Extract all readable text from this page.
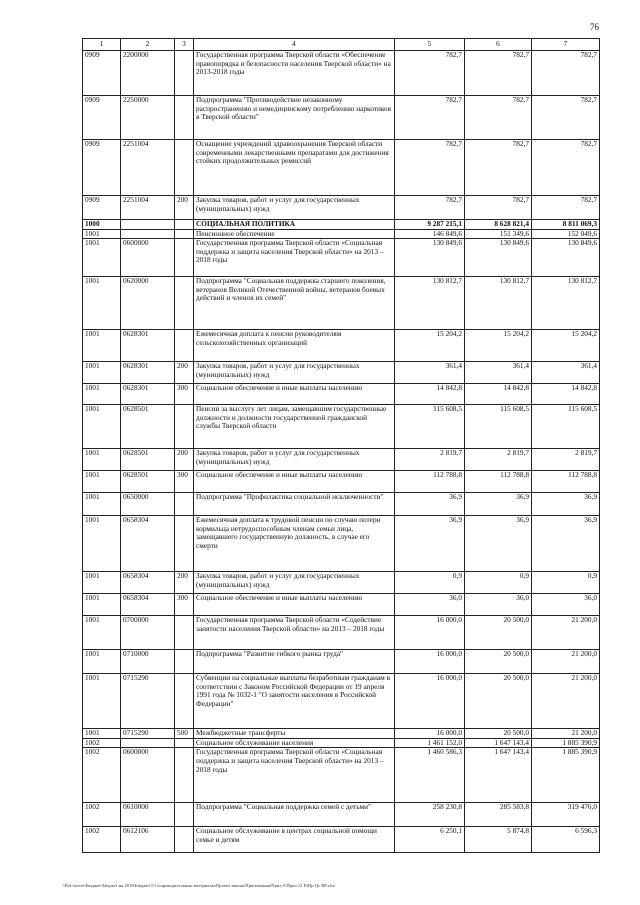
76
1	2	3	4	5	6	7
0909	2200000		Государственная программа Тверской области «Обеспечение правопорядка и безопасности населения Тверской области» на 2013-2018 годы	782,7	782,7	782,7
0909	2250000		Подпрограмма "Противодействие незаконному распространению и немедицинскому потреблению наркотиков в Тверской области"	782,7	782,7	782,7
0909	2251004		Оснащение учреждений здравоохранения Тверской области современными лекарственными препаратами для достижения стойких продолжительных ремиссий	782,7	782,7	782,7
0909	2251004	200	Закупка товаров, работ и услуг для государственных (муниципальных) нужд	782,7	782,7	782,7
1000			СОЦИАЛЬНАЯ ПОЛИТИКА	9 287 215,1	8 628 821,4	8 811 069,3
1001			Пенсионное обеспечение	146 849,6	151 349,6	152 049,6
1001	0600000		Государственная программа Тверской области «Социальная поддержка и защита населения Тверской области» на 2013 – 2018 годы	130 849,6	130 849,6	130 849,6
1001	0620000		Подпрограмма "Социальная поддержка старшего поколения, ветеранов Великой Отечественной войны, ветеранов боевых действий и членов их семей"	130 812,7	130 812,7	130 812,7
1001	0628301		Ежемесячная доплата к пенсии руководителям сельскохозяйственных организаций	15 204,2	15 204,2	15 204,2
1001	0628301	200	Закупка товаров, работ и услуг для государственных (муниципальных) нужд	361,4	361,4	361,4
1001	0628301	300	Социальное обеспечение и иные выплаты населению	14 842,8	14 842,8	14 842,8
1001	0628501		Пенсии за выслугу лет лицам, замещавшим государственные должности и должности государственной гражданской службы Тверской области	115 608,5	115 608,5	115 608,5
1001	0628501	200	Закупка товаров, работ и услуг для государственных (муниципальных) нужд	2 819,7	2 819,7	2 819,7
1001	0628501	300	Социальное обеспечение и иные выплаты населению	112 788,8	112 788,8	112 788,8
1001	0650000		Подпрограмма "Профилактика социальной исключенности"	36,9	36,9	36,9
1001	0658304		Ежемесячная доплата к трудовой пенсии по случаю потери кормильца нетрудоспособным членам семьи лица, замещавшего государственную должность, в случае его смерти	36,9	36,9	36,9
1001	0658304	200	Закупка товаров, работ и услуг для государственных (муниципальных) нужд	0,9	0,9	0,9
1001	0658304	300	Социальное обеспечение и иные выплаты населению	36,0	36,0	36,0
1001	0700000		Государственная программа Тверской области «Содействие занятости населения Тверской области» на 2013 – 2018 годы	16 000,0	20 500,0	21 200,0
1001	0710000		Подпрограмма "Развитие гибкого рынка труда"	16 000,0	20 500,0	21 200,0
1001	0715290		Субвенции на социальные выплаты безработным гражданам в соответствии с Законом Российской Федерации от 19 апреля 1991 года № 1032-1 "О занятости населения в Российской Федерации"	16 000,0	20 500,0	21 200,0
1001	0715290	500	Межбюджетные трансферты	16 000,0	20 500,0	21 200,0
1002			Социальное обслуживание населения	1 461 152,0	1 647 143,4	1 885 390,9
1002	0600000		Государственная программа Тверской области «Социальная поддержка и защита населения Тверской области» на 2013 – 2018 годы	1 460 586,3	1 647 143,4	1 885 390,9
1002	0610000		Подпрограмма "Социальная поддержка семей с детьми"	258 230,8	285 583,8	319 476,0
1002	0612106		Социальное обслуживание в центрах социальной помощи семье и детям	6 250,1	5 874,8	6 596,3
\\File-server\Бюджет\Бюджет на 2016\Бюджет\5 Сопроводительные материалы\Проект закона\Приложения\Прил 5\Прил 12 РзПр Цс ВР.xlsx
